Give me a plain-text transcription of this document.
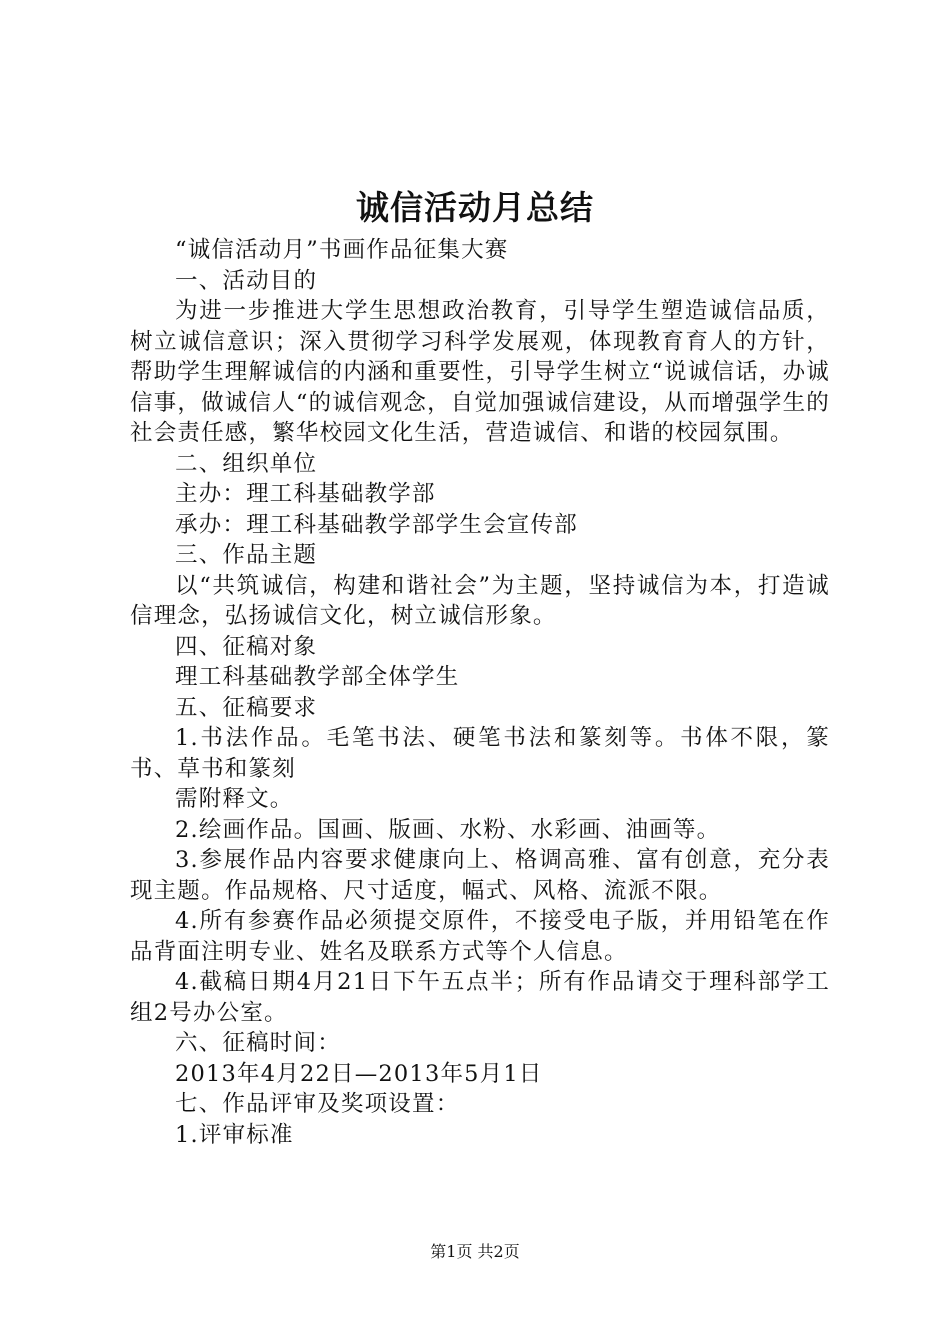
诚信活动月总结

“诚信活动月”书画作品征集大赛

一、活动目的

为进一步推进大学生思想政治教育，引导学生塑造诚信品质，树立诚信意识；深入贯彻学习科学发展观，体现教育育人的方针，帮助学生理解诚信的内涵和重要性，引导学生树立“说诚信话，办诚信事，做诚信人“的诚信观念，自觉加强诚信建设，从而增强学生的社会责任感，繁华校园文化生活，营造诚信、和谐的校园氛围。

二、组织单位

主办：理工科基础教学部

承办：理工科基础教学部学生会宣传部

三、作品主题

以“共筑诚信，构建和谐社会”为主题，坚持诚信为本，打造诚信理念，弘扬诚信文化，树立诚信形象。

四、征稿对象

理工科基础教学部全体学生

五、征稿要求

1.书法作品。毛笔书法、硬笔书法和篆刻等。书体不限，篆书、草书和篆刻

需附释文。

2.绘画作品。国画、版画、水粉、水彩画、油画等。

3.参展作品内容要求健康向上、格调高雅、富有创意，充分表现主题。作品规格、尺寸适度，幅式、风格、流派不限。

4.所有参赛作品必须提交原件，不接受电子版，并用铅笔在作品背面注明专业、姓名及联系方式等个人信息。

4.截稿日期4月21日下午五点半；所有作品请交于理科部学工组2号办公室。

六、征稿时间：

2013年4月22日—2013年5月1日

七、作品评审及奖项设置：

1.评审标准

第1页 共2页
